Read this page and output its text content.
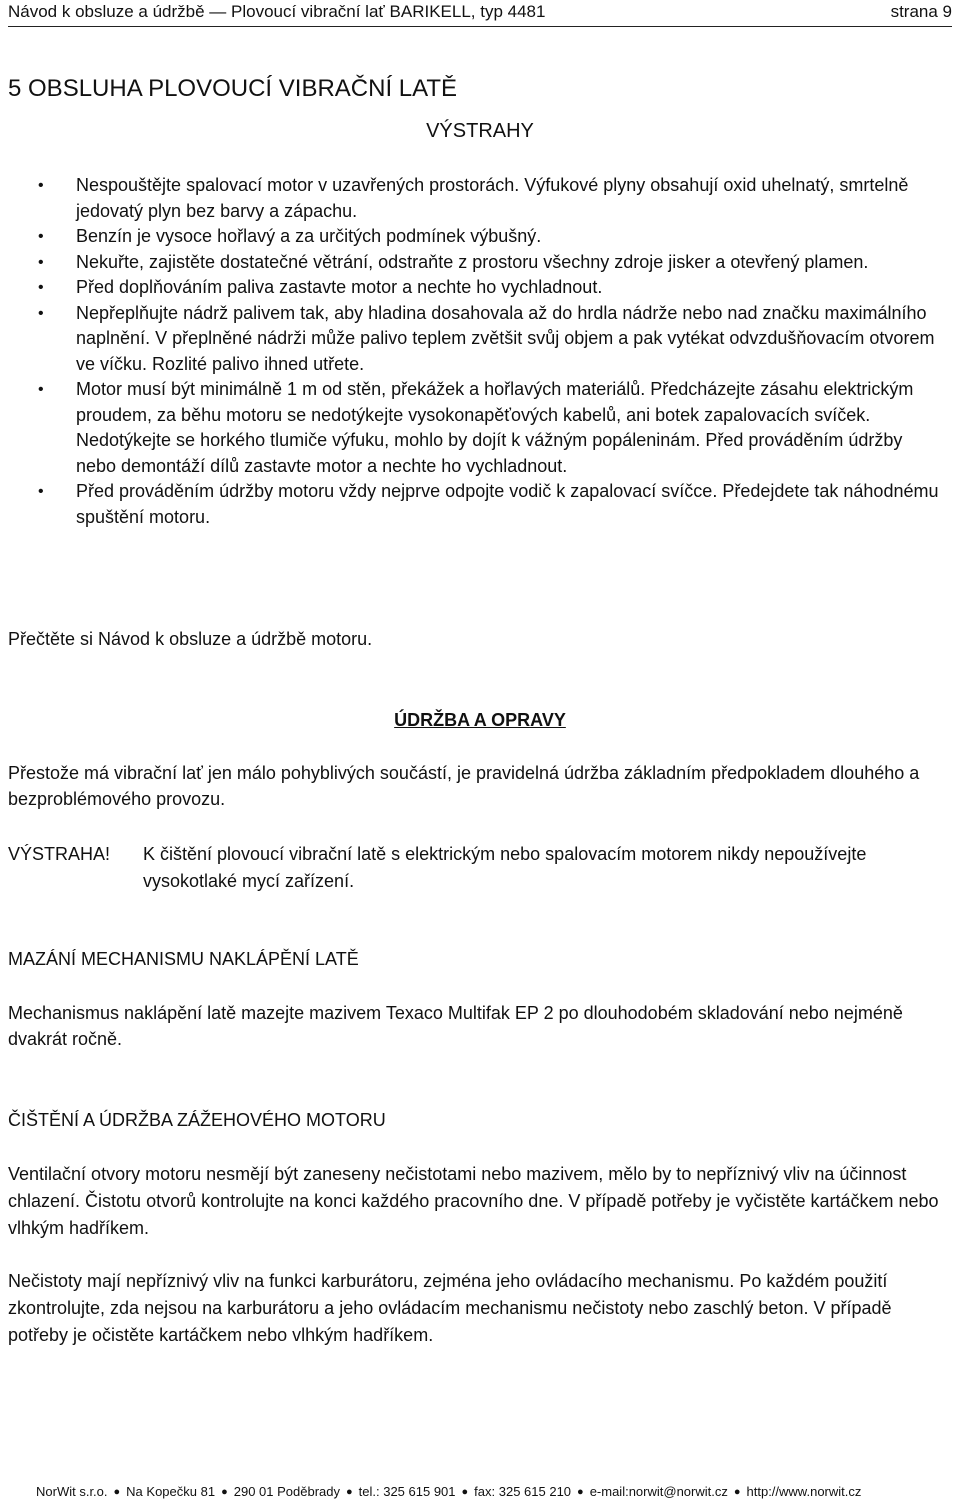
Návod k obsluze a údržbě — Plovoucí vibrační lať BARIKELL, typ 4481	strana 9
5 OBSLUHA PLOVOUCÍ VIBRAČNÍ LATĚ
VÝSTRAHY
• Nespouštějte spalovací motor v uzavřených prostorách. Výfukové plyny obsahují oxid uhelnatý, smrtelně jedovatý plyn bez barvy a zápachu.
• Benzín je vysoce hořlavý a za určitých podmínek výbušný.
• Nekuřte, zajistěte dostatečné větrání, odstraňte z prostoru všechny zdroje jisker a otevřený plamen.
• Před doplňováním paliva zastavte motor a nechte ho vychladnout.
• Nepřeplňujte nádrž palivem tak, aby hladina dosahovala až do hrdla nádrže nebo nad značku maximálního naplnění. V přeplněné nádrži může palivo teplem zvětšit svůj objem a pak vytékat odvzdušňovacím otvorem ve víčku. Rozlité palivo ihned utřete.
• Motor musí být minimálně 1 m od stěn, překážek a hořlavých materiálů. Předcházejte zásahu elektrickým proudem, za běhu motoru se nedotýkejte vysokonapěťových kabelů, ani botek zapalovacích svíček. Nedotýkejte se horkého tlumiče výfuku, mohlo by dojít k vážným popáleninám. Před prováděním údržby nebo demontáží dílů zastavte motor a nechte ho vychladnout.
• Před prováděním údržby motoru vždy nejprve odpojte vodič k zapalovací svíčce. Předejdete tak náhodnému spuštění motoru.
Přečtěte si Návod k obsluze a údržbě motoru.
ÚDRŽBA A OPRAVY
Přestože má vibrační lať jen málo pohyblivých součástí, je pravidelná údržba základním předpokladem dlouhého a bezproblémového provozu.
VÝSTRAHA! K čištění plovoucí vibrační latě s elektrickým nebo spalovacím motorem nikdy nepoužívejte vysokotlaké mycí zařízení.
MAZÁNÍ MECHANISMU NAKLÁPĚNÍ LATĚ
Mechanismus naklápění latě mazejte mazivem Texaco Multifak EP 2 po dlouhodobém skladování nebo nejméně dvakrát ročně.
ČIŠTĚNÍ A ÚDRŽBA ZÁŽEHOVÉHO MOTORU
Ventilační otvory motoru nesmějí být zaneseny nečistotami nebo mazivem, mělo by to nepříznivý vliv na účinnost chlazení. Čistotu otvorů kontrolujte na konci každého pracovního dne. V případě potřeby je vyčistěte kartáčkem nebo vlhkým hadříkem.
Nečistoty mají nepříznivý vliv na funkci karburátoru, zejména jeho ovládacího mechanismu. Po každém použití zkontrolujte, zda nejsou na karburátoru a jeho ovládacím mechanismu nečistoty nebo zaschlý beton. V případě potřeby je očistěte kartáčkem nebo vlhkým hadříkem.
NorWit s.r.o. ● Na Kopečku 81 ● 290 01 Poděbrady ● tel.: 325 615 901 ● fax: 325 615 210 ● e-mail:norwit@norwit.cz ● http://www.norwit.cz
